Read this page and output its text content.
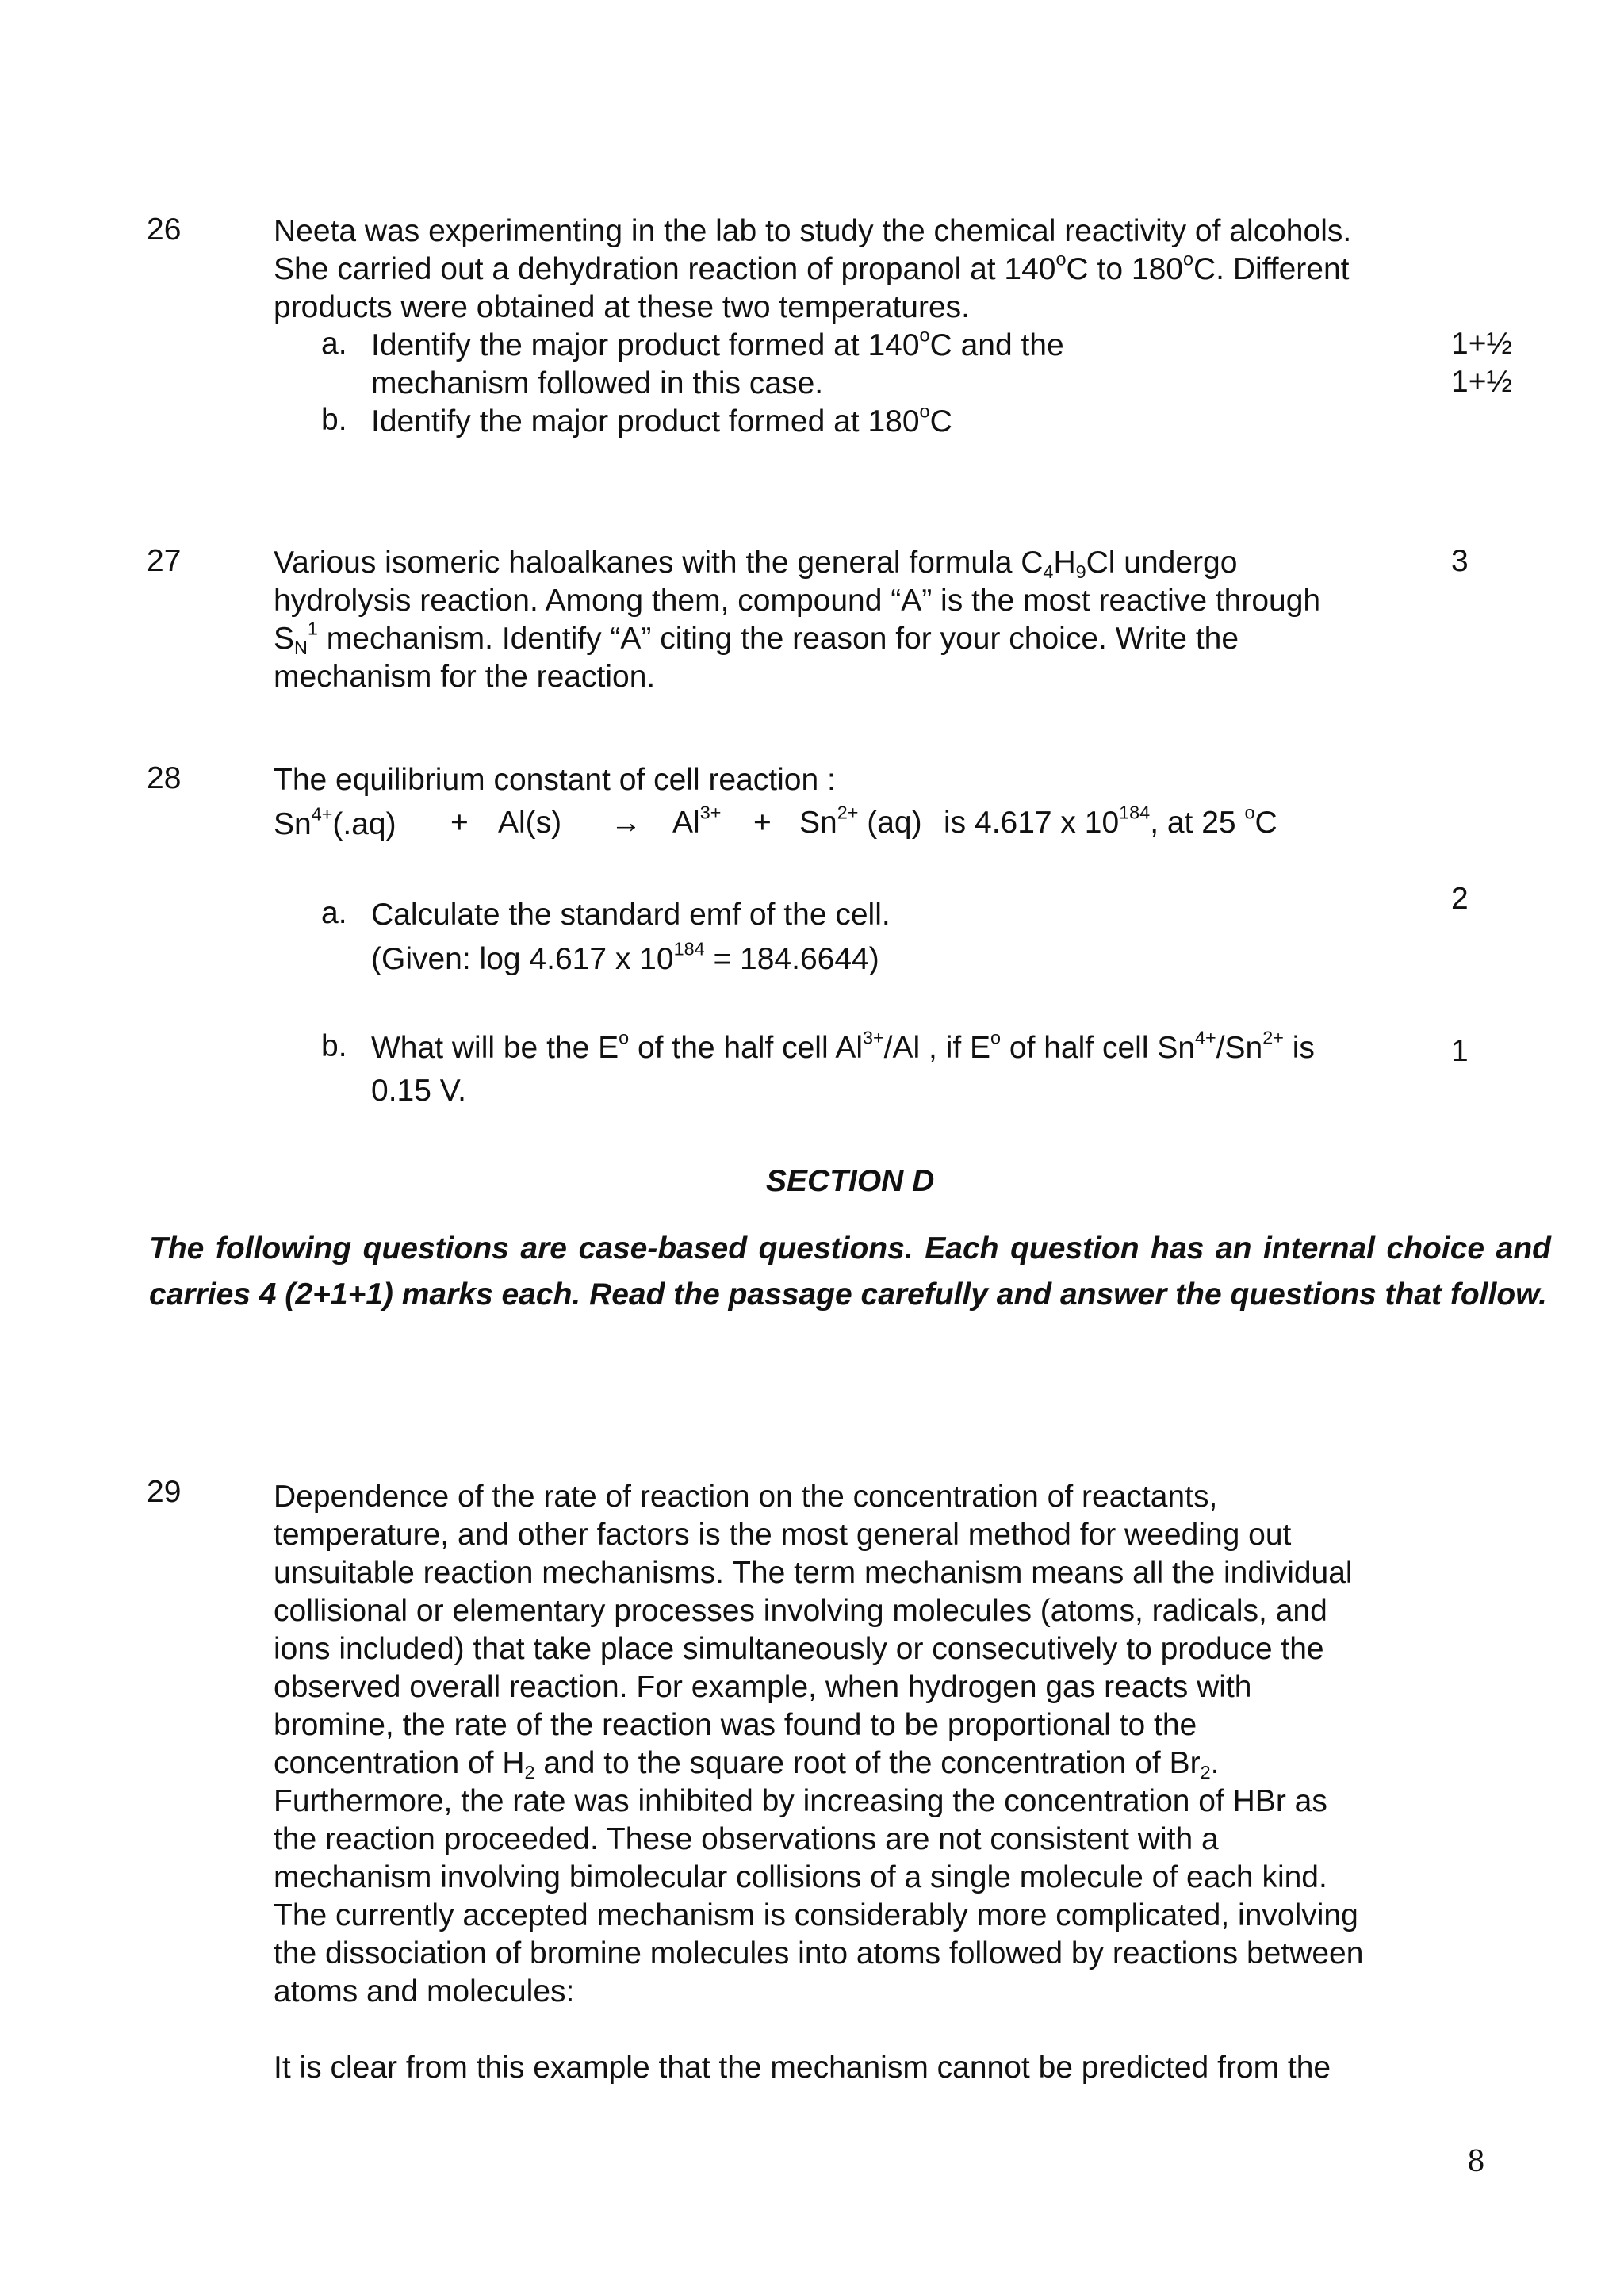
26	Neeta was experimenting in the lab to study the chemical reactivity of alcohols.
She carried out a dehydration reaction of propanol at 140$^o$C to 180$^o$C. Different
products were obtained at these two temperatures.
a. Identify the major product formed at 140$^o$C and the
mechanism followed in this case.
b. Identify the major product formed at 180$^o$C
1+½
1+½
27	Various isomeric haloalkanes with the general formula $C_4H_9Cl$ undergo
hydrolysis reaction. Among them, compound “A” is the most reactive through
$S_N^1$ mechanism. Identify “A” citing the reason for your choice. Write the
mechanism for the reaction.
3
28	The equilibrium constant of cell reaction :
$Sn^{4+}(.aq) + Al(s) \to Al^{3+} + Sn^{2+}$ (aq) is 4.617 x $10^{184}$, at 25 $^o$C
a. Calculate the standard emf of the cell.
(Given: log 4.617 x $10^{184} = 184.6644$)
2
b. What will be the $E^o$ of the half cell $Al^{3+}/Al$ , if $E^o$ of half cell $Sn^{4+}/Sn^{2+}$ is
0.15 V.
1
SECTION D
The following questions are case-based questions. Each question has an internal choice and carries 4 (2+1+1) marks each. Read the passage carefully and answer the questions that follow.
29	Dependence of the rate of reaction on the concentration of reactants,
temperature, and other factors is the most general method for weeding out
unsuitable reaction mechanisms. The term mechanism means all the individual
collisional or elementary processes involving molecules (atoms, radicals, and
ions included) that take place simultaneously or consecutively to produce the
observed overall reaction. For example, when hydrogen gas reacts with
bromine, the rate of the reaction was found to be proportional to the
concentration of $H_2$ and to the square root of the concentration of $Br_2$.
Furthermore, the rate was inhibited by increasing the concentration of HBr as
the reaction proceeded. These observations are not consistent with a
mechanism involving bimolecular collisions of a single molecule of each kind.
The currently accepted mechanism is considerably more complicated, involving
the dissociation of bromine molecules into atoms followed by reactions between
atoms and molecules:
It is clear from this example that the mechanism cannot be predicted from the
8
